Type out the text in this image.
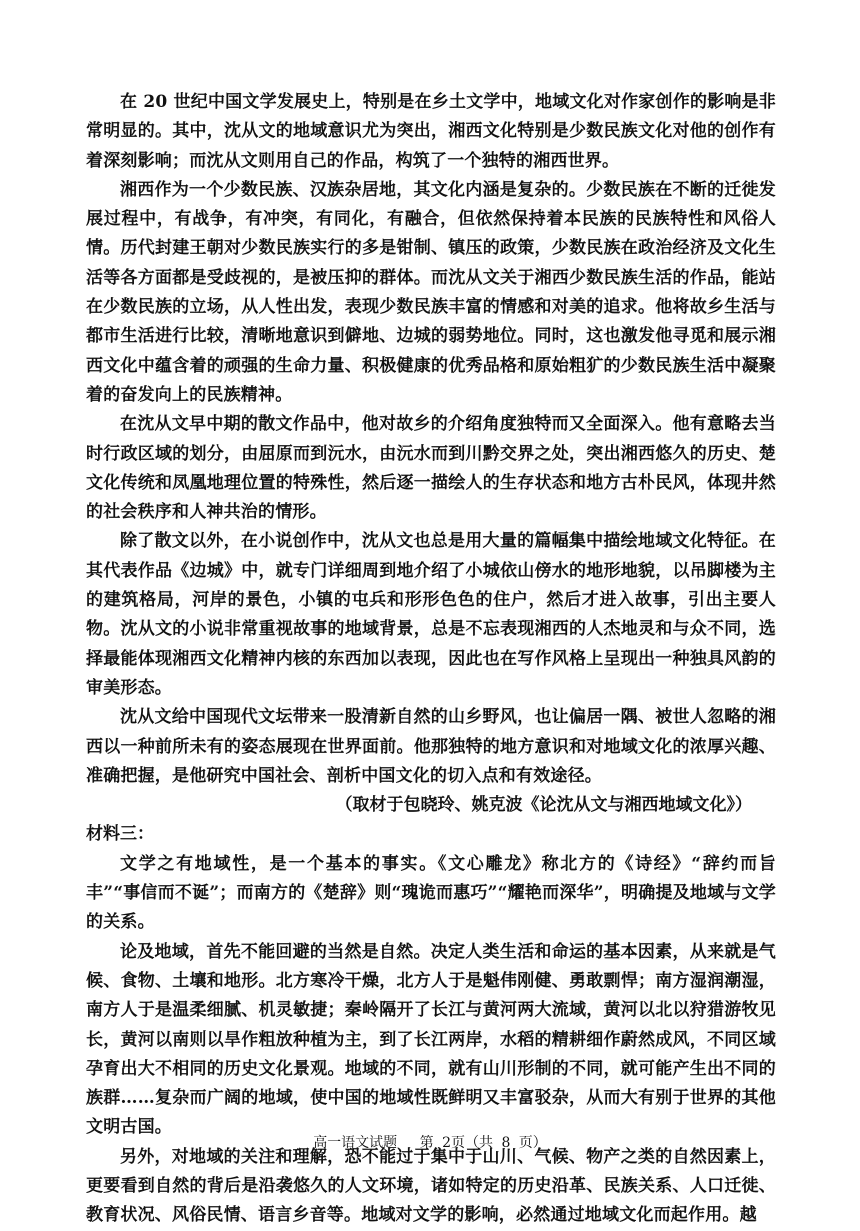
在 20 世纪中国文学发展史上，特别是在乡土文学中，地域文化对作家创作的影响是非常明显的。其中，沈从文的地域意识尤为突出，湘西文化特别是少数民族文化对他的创作有着深刻影响；而沈从文则用自己的作品，构筑了一个独特的湘西世界。

湘西作为一个少数民族、汉族杂居地，其文化内涵是复杂的。少数民族在不断的迁徙发展过程中，有战争，有冲突，有同化，有融合，但依然保持着本民族的民族特性和风俗人情。历代封建王朝对少数民族实行的多是钳制、镇压的政策，少数民族在政治经济及文化生活等各方面都是受歧视的，是被压抑的群体。而沈从文关于湘西少数民族生活的作品，能站在少数民族的立场，从人性出发，表现少数民族丰富的情感和对美的追求。他将故乡生活与都市生活进行比较，清晰地意识到僻地、边城的弱势地位。同时，这也激发他寻觅和展示湘西文化中蕴含着的顽强的生命力量、积极健康的优秀品格和原始粗犷的少数民族生活中凝聚着的奋发向上的民族精神。

在沈从文早中期的散文作品中，他对故乡的介绍角度独特而又全面深入。他有意略去当时行政区域的划分，由屈原而到沅水，由沅水而到川黔交界之处，突出湘西悠久的历史、楚文化传统和凤凰地理位置的特殊性，然后逐一描绘人的生存状态和地方古朴民风，体现井然的社会秩序和人神共治的情形。

除了散文以外，在小说创作中，沈从文也总是用大量的篇幅集中描绘地域文化特征。在其代表作品《边城》中，就专门详细周到地介绍了小城依山傍水的地形地貌，以吊脚楼为主的建筑格局，河岸的景色，小镇的屯兵和形形色色的住户，然后才进入故事，引出主要人物。沈从文的小说非常重视故事的地域背景，总是不忘表现湘西的人杰地灵和与众不同，选择最能体现湘西文化精神内核的东西加以表现，因此也在写作风格上呈现出一种独具风韵的审美形态。

沈从文给中国现代文坛带来一股清新自然的山乡野风，也让偏居一隅、被世人忽略的湘西以一种前所未有的姿态展现在世界面前。他那独特的地方意识和对地域文化的浓厚兴趣、准确把握，是他研究中国社会、剖析中国文化的切入点和有效途径。

（取材于包晓玲、姚克波《论沈从文与湘西地域文化》）

材料三：

文学之有地域性，是一个基本的事实。《文心雕龙》称北方的《诗经》“辞约而旨丰”“事信而不诞”；而南方的《楚辞》则“瑰诡而惠巧”“耀艳而深华”，明确提及地域与文学的关系。

论及地域，首先不能回避的当然是自然。决定人类生活和命运的基本因素，从来就是气候、食物、土壤和地形。北方寒冷干燥，北方人于是魁伟刚健、勇敢剽悍；南方湿润潮湿，南方人于是温柔细腻、机灵敏捷；秦岭隔开了长江与黄河两大流域，黄河以北以狩猎游牧见长，黄河以南则以旱作粗放种植为主，到了长江两岸，水稻的精耕细作蔚然成风，不同区域孕育出大不相同的历史文化景观。地域的不同，就有山川形制的不同，就可能产生出不同的族群……复杂而广阔的地域，使中国的地域性既鲜明又丰富驳杂，从而大有别于世界的其他文明古国。

另外，对地域的关注和理解，恐不能过于集中于山川、气候、物产之类的自然因素上，更要看到自然的背后是沿袭悠久的人文环境，诸如特定的历史沿革、民族关系、人口迁徙、教育状况、风俗民情、语言乡音等。地域对文学的影响，必然通过地域文化而起作用。越

高一语文试题　 第 2页（共 8 页）
